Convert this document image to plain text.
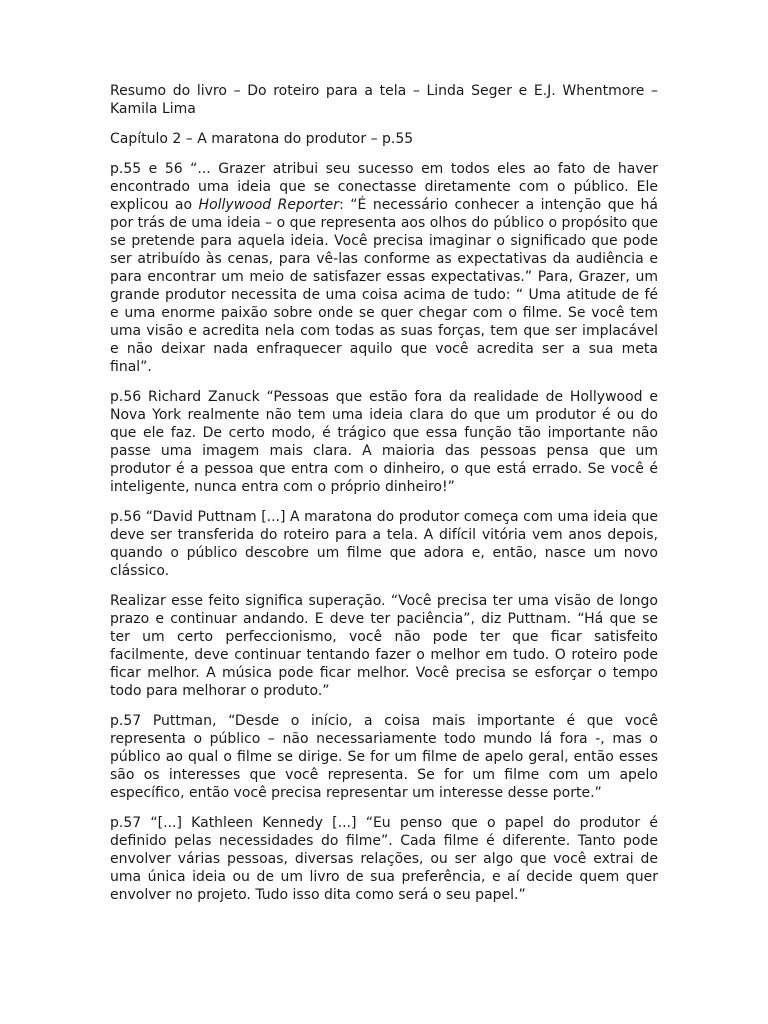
Resumo do livro – Do roteiro para a tela – Linda Seger e E.J. Whentmore – Kamila Lima

Capítulo 2 – A maratona do produtor – p.55

p.55 e 56 “... Grazer atribui seu sucesso em todos eles ao fato de haver encontrado uma ideia que se conectasse diretamente com o público. Ele explicou ao Hollywood Reporter: “É necessário conhecer a intenção que há por trás de uma ideia – o que representa aos olhos do público o propósito que se pretende para aquela ideia. Você precisa imaginar o significado que pode ser atribuído às cenas, para vê-las conforme as expectativas da audiência e para encontrar um meio de satisfazer essas expectativas.” Para, Grazer, um grande produtor necessita de uma coisa acima de tudo: “ Uma atitude de fé e uma enorme paixão sobre onde se quer chegar com o filme. Se você tem uma visão e acredita nela com todas as suas forças, tem que ser implacável e não deixar nada enfraquecer aquilo que você acredita ser a sua meta final”.

p.56 Richard Zanuck “Pessoas que estão fora da realidade de Hollywood e Nova York realmente não tem uma ideia clara do que um produtor é ou do que ele faz. De certo modo, é trágico que essa função tão importante não passe uma imagem mais clara. A maioria das pessoas pensa que um produtor é a pessoa que entra com o dinheiro, o que está errado. Se você é inteligente, nunca entra com o próprio dinheiro!”

p.56 “David Puttnam [...] A maratona do produtor começa com uma ideia que deve ser transferida do roteiro para a tela. A difícil vitória vem anos depois, quando o público descobre um filme que adora e, então, nasce um novo clássico.

Realizar esse feito significa superação. “Você precisa ter uma visão de longo prazo e continuar andando. E deve ter paciência”, diz Puttnam. “Há que se ter um certo perfeccionismo, você não pode ter que ficar satisfeito facilmente, deve continuar tentando fazer o melhor em tudo. O roteiro pode ficar melhor. A música pode ficar melhor. Você precisa se esforçar o tempo todo para melhorar o produto.”

p.57 Puttman, “Desde o início, a coisa mais importante é que você representa o público – não necessariamente todo mundo lá fora -, mas o público ao qual o filme se dirige. Se for um filme de apelo geral, então esses são os interesses que você representa. Se for um filme com um apelo específico, então você precisa representar um interesse desse porte.”

p.57 “[...] Kathleen Kennedy [...] “Eu penso que o papel do produtor é definido pelas necessidades do filme”. Cada filme é diferente. Tanto pode envolver várias pessoas, diversas relações, ou ser algo que você extrai de uma única ideia ou de um livro de sua preferência, e aí decide quem quer envolver no projeto. Tudo isso dita como será o seu papel.”
